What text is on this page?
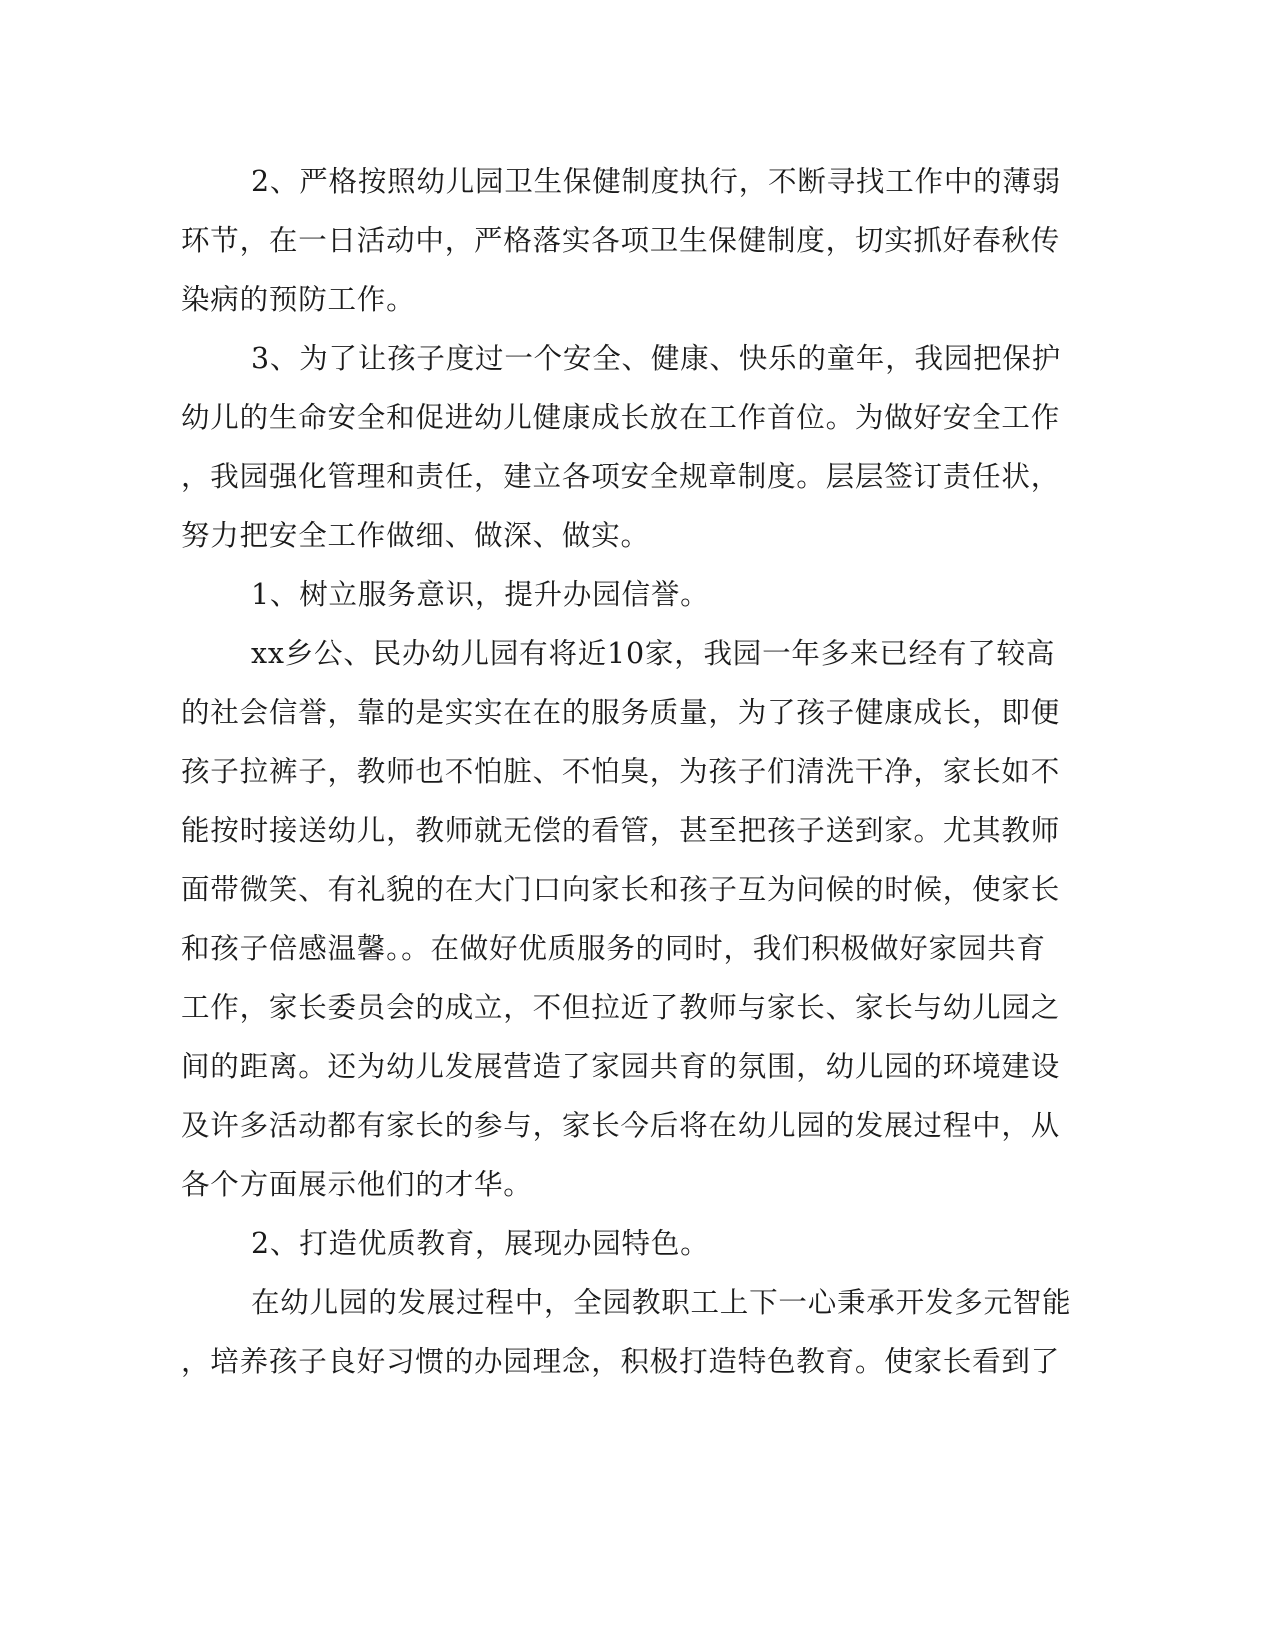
2、严格按照幼儿园卫生保健制度执行，不断寻找工作中的薄弱
环节，在一日活动中，严格落实各项卫生保健制度，切实抓好春秋传
染病的预防工作。
3、为了让孩子度过一个安全、健康、快乐的童年，我园把保护
幼儿的生命安全和促进幼儿健康成长放在工作首位。为做好安全工作
，我园强化管理和责任，建立各项安全规章制度。层层签订责任状，
努力把安全工作做细、做深、做实。
1、树立服务意识，提升办园信誉。
xx乡公、民办幼儿园有将近10家，我园一年多来已经有了较高
的社会信誉，靠的是实实在在的服务质量，为了孩子健康成长，即便
孩子拉裤子，教师也不怕脏、不怕臭，为孩子们清洗干净，家长如不
能按时接送幼儿，教师就无偿的看管，甚至把孩子送到家。尤其教师
面带微笑、有礼貌的在大门口向家长和孩子互为问候的时候，使家长
和孩子倍感温馨。。在做好优质服务的同时，我们积极做好家园共育
工作，家长委员会的成立，不但拉近了教师与家长、家长与幼儿园之
间的距离。还为幼儿发展营造了家园共育的氛围，幼儿园的环境建设
及许多活动都有家长的参与，家长今后将在幼儿园的发展过程中，从
各个方面展示他们的才华。
2、打造优质教育，展现办园特色。
在幼儿园的发展过程中，全园教职工上下一心秉承开发多元智能
，培养孩子良好习惯的办园理念，积极打造特色教育。使家长看到了
